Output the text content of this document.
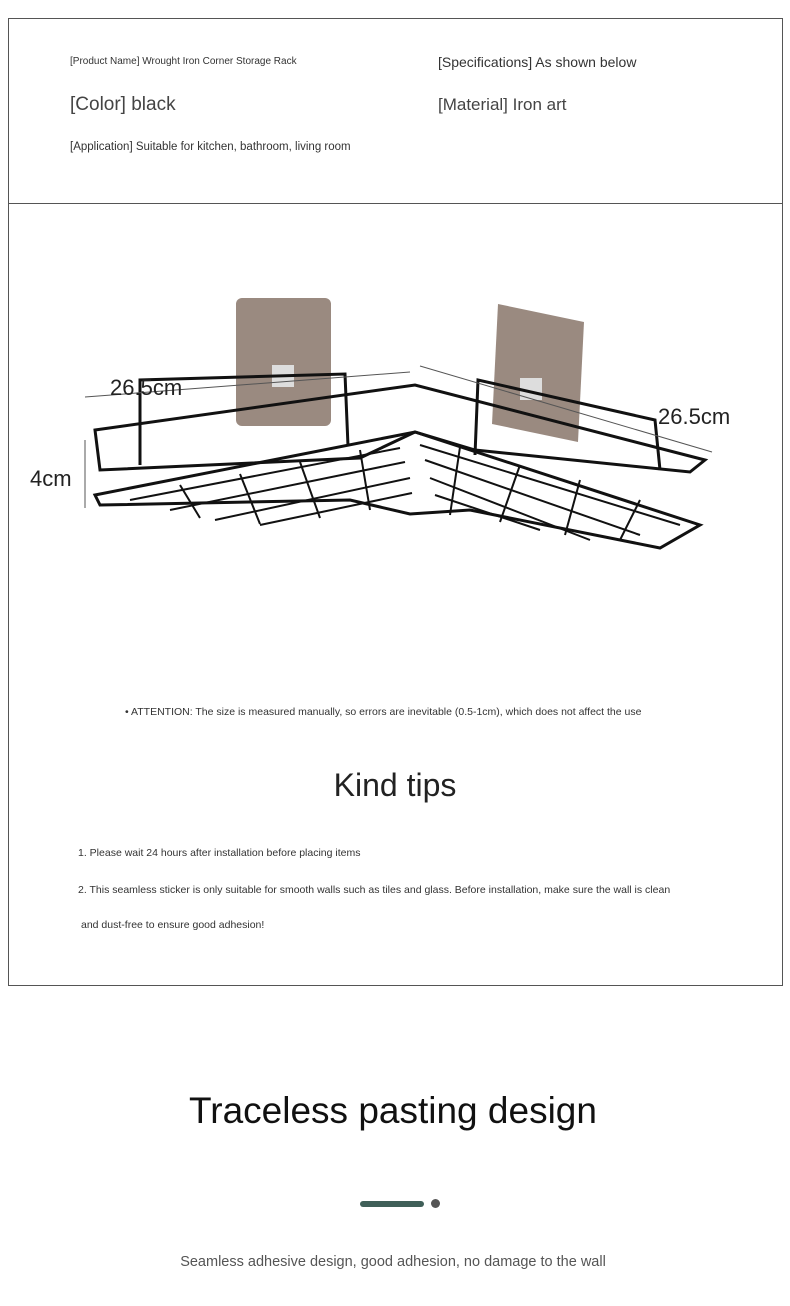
[Product Name] Wrought Iron Corner Storage Rack	[Specifications] As shown below
[Color] black	[Material] Iron art
[Application] Suitable for kitchen, bathroom, living room
26.5cm
26.5cm
4cm
• ATTENTION: The size is measured manually, so errors are inevitable (0.5-1cm), which does not affect the use
Kind tips
1. Please wait 24 hours after installation before placing items
2. This seamless sticker is only suitable for smooth walls such as tiles and glass. Before installation, make sure the wall is clean
and dust-free to ensure good adhesion!
Traceless pasting design
Seamless adhesive design, good adhesion, no damage to the wall
